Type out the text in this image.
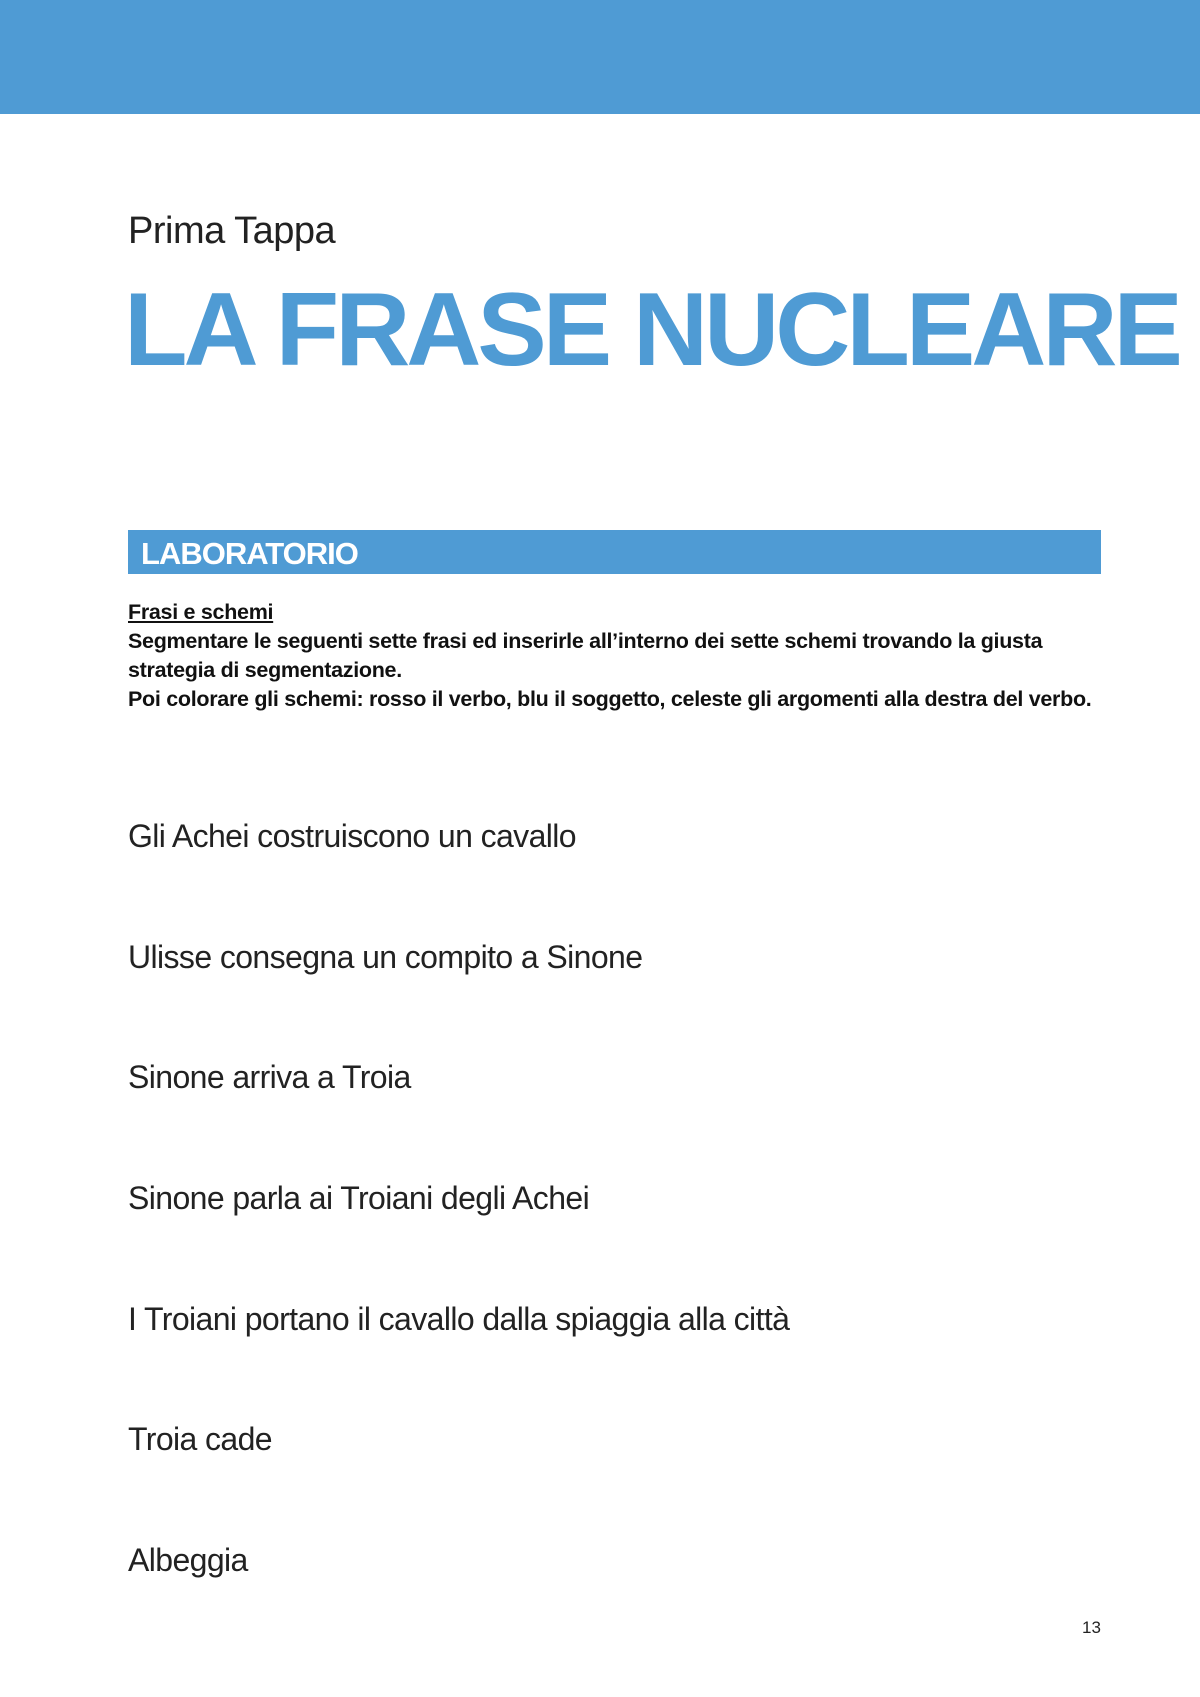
Prima Tappa
LA FRASE NUCLEARE
LABORATORIO
Frasi e schemi
Segmentare le seguenti sette frasi ed inserirle all’interno dei sette schemi trovando la giusta strategia di segmentazione.
Poi colorare gli schemi: rosso il verbo, blu il soggetto, celeste gli argomenti alla destra del verbo.
Gli Achei costruiscono un cavallo
Ulisse consegna un compito a Sinone
Sinone arriva a Troia
Sinone parla ai Troiani degli Achei
I Troiani portano il cavallo dalla spiaggia alla città
Troia cade
Albeggia
13
